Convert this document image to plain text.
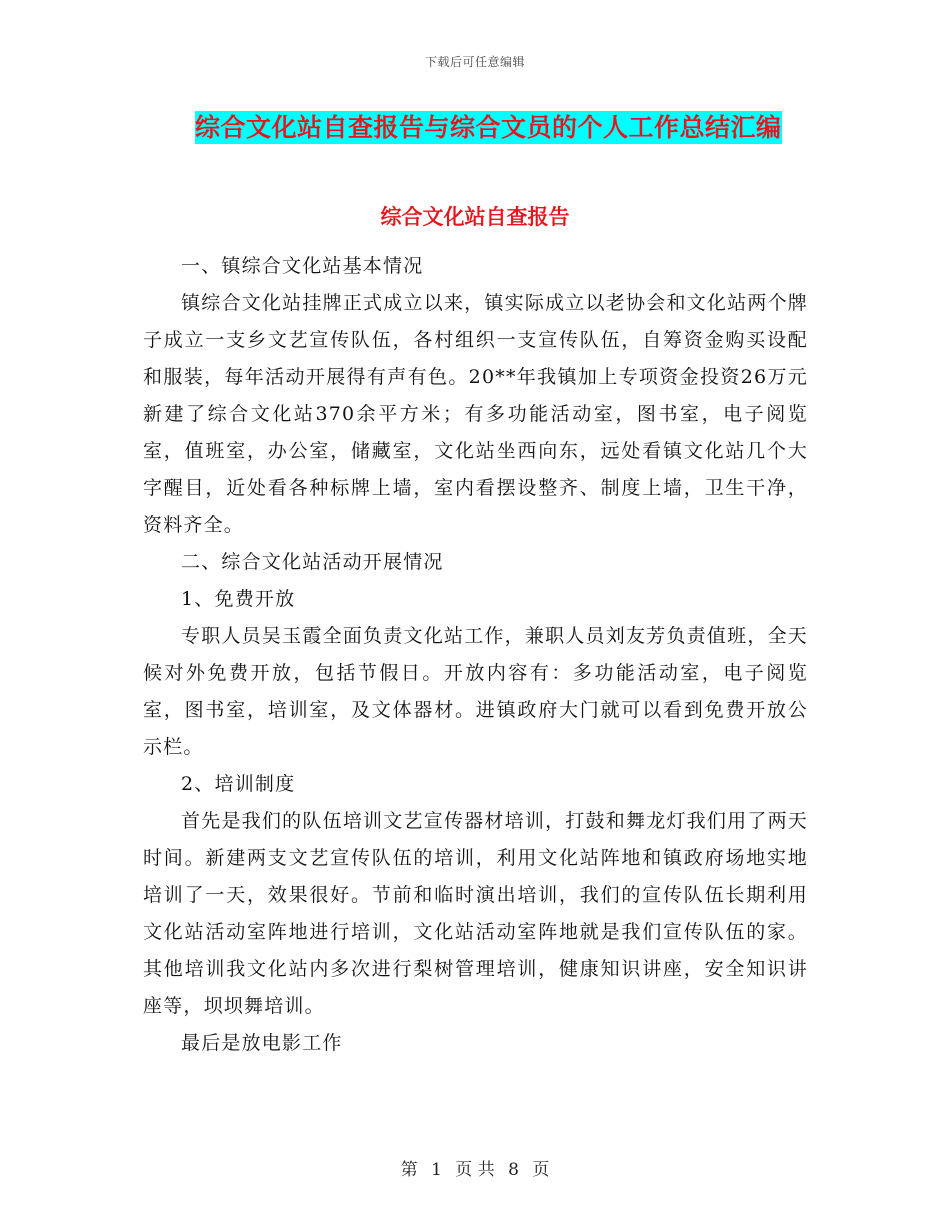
下载后可任意编辑
综合文化站自查报告与综合文员的个人工作总结汇编
综合文化站自查报告

一、镇综合文化站基本情况

镇综合文化站挂牌正式成立以来，镇实际成立以老协会和文化站两个牌子成立一支乡文艺宣传队伍，各村组织一支宣传队伍，自筹资金购买设配和服装，每年活动开展得有声有色。20**年我镇加上专项资金投资26万元新建了综合文化站370余平方米；有多功能活动室，图书室，电子阅览室，值班室，办公室，储藏室，文化站坐西向东，远处看镇文化站几个大字醒目，近处看各种标牌上墙，室内看摆设整齐、制度上墙，卫生干净，资料齐全。

二、综合文化站活动开展情况

1、免费开放

专职人员吴玉霞全面负责文化站工作，兼职人员刘友芳负责值班，全天候对外免费开放，包括节假日。开放内容有：多功能活动室，电子阅览室，图书室，培训室，及文体器材。进镇政府大门就可以看到免费开放公示栏。

2、培训制度

首先是我们的队伍培训文艺宣传器材培训，打鼓和舞龙灯我们用了两天时间。新建两支文艺宣传队伍的培训，利用文化站阵地和镇政府场地实地培训了一天，效果很好。节前和临时演出培训，我们的宣传队伍长期利用文化站活动室阵地进行培训，文化站活动室阵地就是我们宣传队伍的家。其他培训我文化站内多次进行梨树管理培训，健康知识讲座，安全知识讲座等，坝坝舞培训。

最后是放电影工作

第 1 页 共 8 页
